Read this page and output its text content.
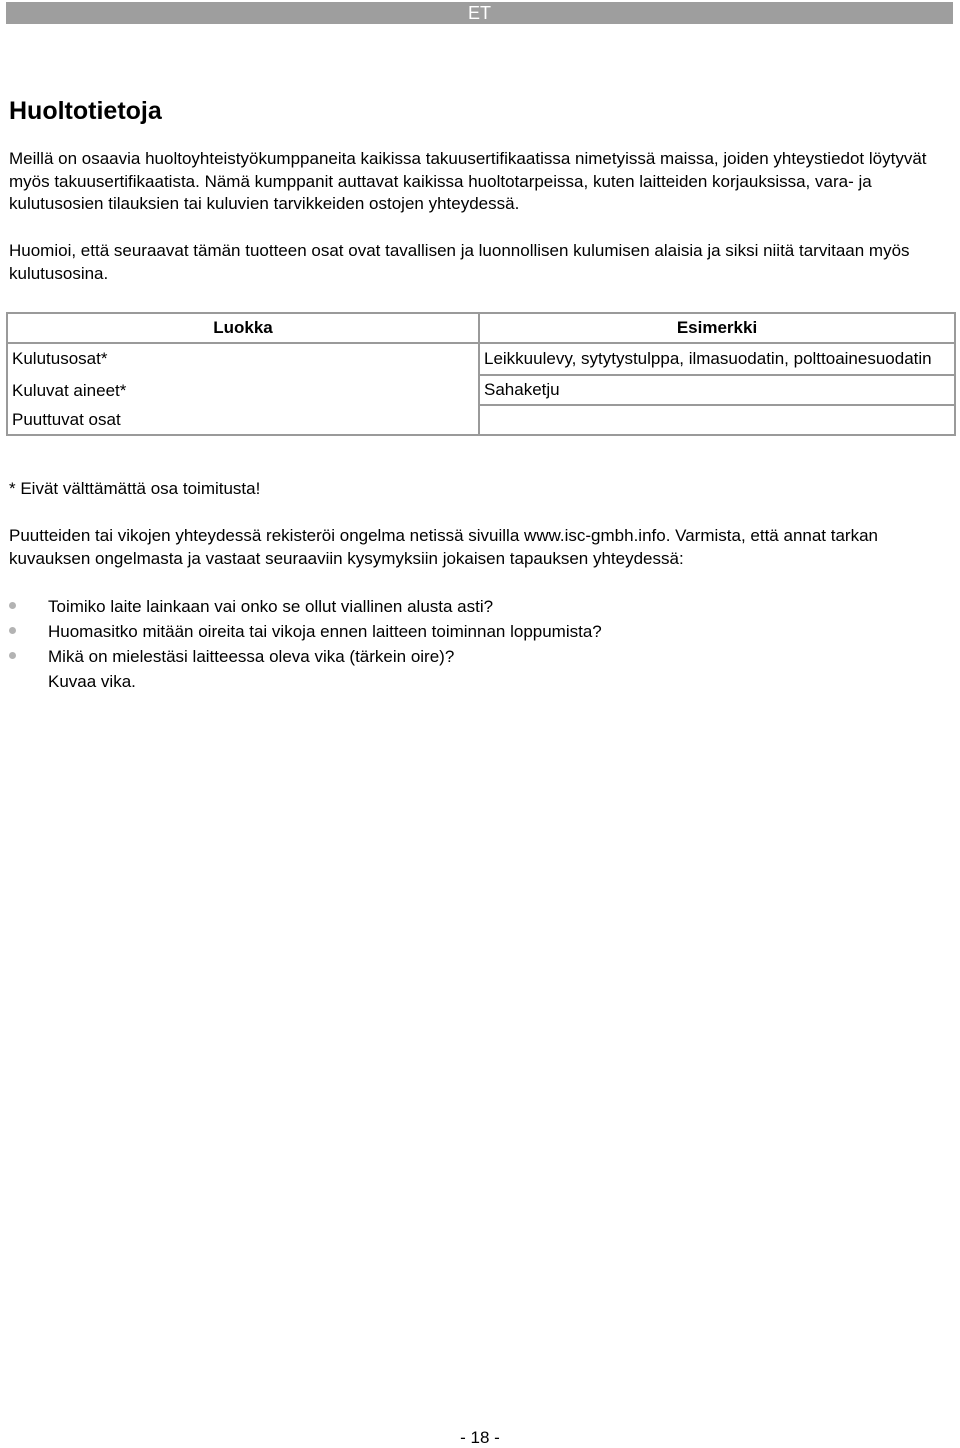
ET
Huoltotietoja

Meillä on osaavia huoltoyhteistyökumppaneita kaikissa takuusertifikaatissa nimetyissä maissa, joiden yhteystiedot löytyvät myös takuusertifikaatista. Nämä kumppanit auttavat kaikissa huoltotarpeissa, kuten laitteiden korjauksissa, vara- ja kulutusosien tilauksien tai kuluvien tarvikkeiden ostojen yhteydessä.

Huomioi, että seuraavat tämän tuotteen osat ovat tavallisen ja luonnollisen kulumisen alaisia ja siksi niitä tarvitaan myös kulutusosina.

Luokka	Esimerkki
Kulutusosat*	Leikkuulevy, sytytystulppa, ilmasuodatin, polttoainesuodatin
Kuluvat aineet*	Sahaketju
Puuttuvat osat	

* Eivät välttämättä osa toimitusta!

Puutteiden tai vikojen yhteydessä rekisteröi ongelma netissä sivuilla www.isc-gmbh.info. Varmista, että annat tarkan kuvauksen ongelmasta ja vastaat seuraaviin kysymyksiin jokaisen tapauksen yhteydessä:

Toimiko laite lainkaan vai onko se ollut viallinen alusta asti?
Huomasitko mitään oireita tai vikoja ennen laitteen toiminnan loppumista?
Mikä on mielestäsi laitteessa oleva vika (tärkein oire)?
Kuvaa vika.
- 18 -
